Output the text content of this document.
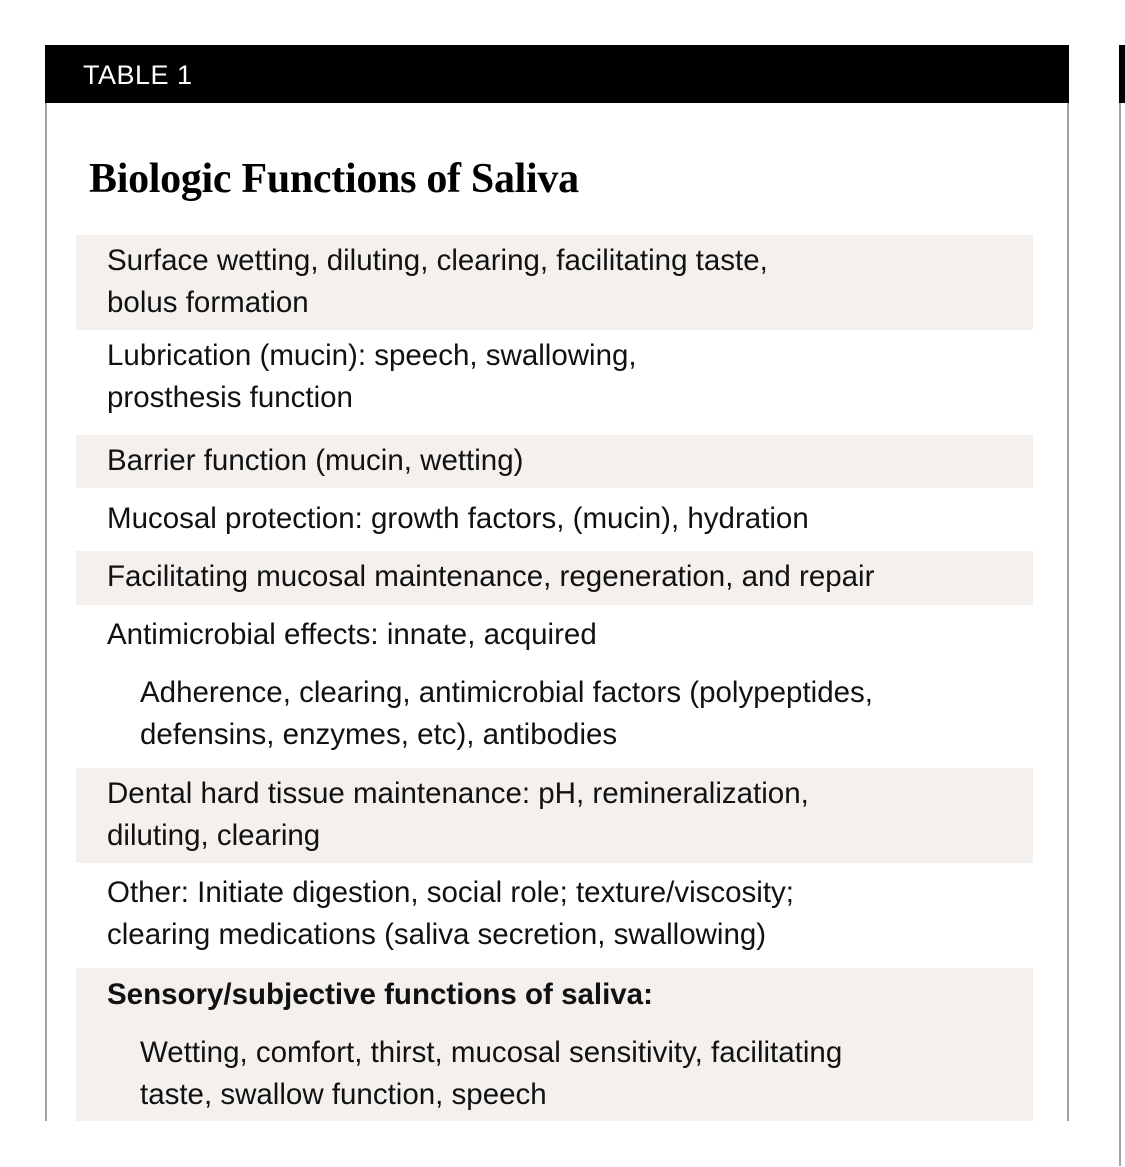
TABLE 1
Biologic Functions of Saliva
Surface wetting, diluting, clearing, facilitating taste,
bolus formation
Lubrication (mucin): speech, swallowing,
prosthesis function
Barrier function (mucin, wetting)
Mucosal protection: growth factors, (mucin), hydration
Facilitating mucosal maintenance, regeneration, and repair
Antimicrobial effects: innate, acquired
Adherence, clearing, antimicrobial factors (polypeptides,
defensins, enzymes, etc), antibodies
Dental hard tissue maintenance: pH, remineralization,
diluting, clearing
Other: Initiate digestion, social role; texture/viscosity;
clearing medications (saliva secretion, swallowing)
Sensory/subjective functions of saliva:
Wetting, comfort, thirst, mucosal sensitivity, facilitating
taste, swallow function, speech
